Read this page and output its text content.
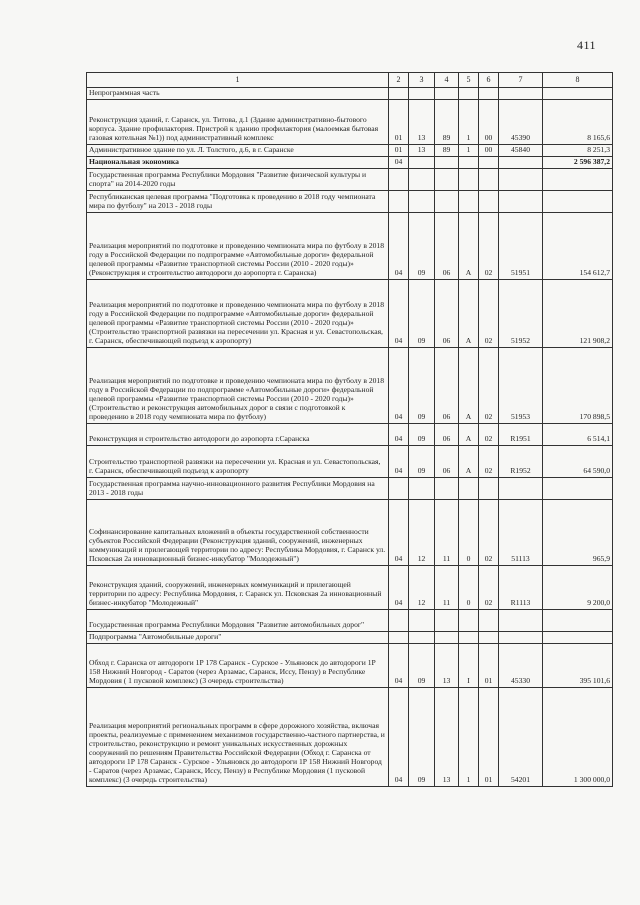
411
1	2	3	4	5	6	7	8
Непрограммная часть							
Реконструкция зданий, г. Саранск, ул. Титова, д.1 (Здание административно-бытового корпуса. Здание профилактория. Пристрой к зданию профилактория (малоемкая бытовая газовая котельная №1)) под административный комплекс	01	13	89	1	00	45390	8 165,6
Административное здание по ул. Л. Толстого, д.6, в г. Саранске	01	13	89	1	00	45840	8 251,3
Национальная экономика	04						2 596 387,2
Государственная программа Республики Мордовия "Развитие физической культуры и спорта" на 2014-2020 годы							
Республиканская целевая программа "Подготовка к проведению в 2018 году чемпионата мира по футболу" на 2013 - 2018 годы							
Реализация мероприятий по подготовке и проведению чемпионата мира по футболу в 2018 году в Российской Федерации по подпрограмме «Автомобильные дороги» федеральной целевой программы «Развитие транспортной системы России (2010 - 2020 годы)» (Реконструкция и строительство автодороги до аэропорта г. Саранска)	04	09	06	А	02	51951	154 612,7
Реализация мероприятий по подготовке и проведению чемпионата мира по футболу в 2018 году в Российской Федерации по подпрограмме «Автомобильные дороги» федеральной целевой программы «Развитие транспортной системы России (2010 - 2020 годы)» (Строительство транспортной развязки на пересечении ул. Красная и ул. Севастопольская, г. Саранск, обеспечивающей подъезд к аэропорту)	04	09	06	А	02	51952	121 908,2
Реализация мероприятий по подготовке и проведению чемпионата мира по футболу в 2018 году в Российской Федерации по подпрограмме «Автомобильные дороги» федеральной целевой программы «Развитие транспортной системы России (2010 - 2020 годы)» (Строительство и реконструкция автомобильных дорог в связи с подготовкой к проведению в 2018 году чемпионата мира по футболу)	04	09	06	А	02	51953	170 898,5
Реконструкция и строительство автодороги до аэропорта г.Саранска	04	09	06	А	02	R1951	6 514,1
Строительство транспортной развязки на пересечении ул. Красная и ул. Севастопольская, г. Саранск, обеспечивающей подъезд к аэропорту	04	09	06	А	02	R1952	64 590,0
Государственная программа научно-инновационного развития Республики Мордовия на 2013 - 2018 годы							
Софинансирование капитальных вложений в объекты государственной собственности субъектов Российской Федерации (Реконструкция зданий, сооружений, инженерных коммуникаций и прилегающей территории по адресу: Республика Мордовия, г. Саранск ул. Псковская 2а инновационный бизнес-инкубатор "Молодежный")	04	12	11	0	02	51113	965,9
Реконструкция зданий, сооружений, инженерных коммуникаций и прилегающей территории по адресу: Республика Мордовия, г. Саранск ул. Псковская 2а инновационный бизнес-инкубатор "Молодежный"	04	12	11	0	02	R1113	9 200,0
Государственная программа Республики Мордовия "Развитие автомобильных дорог"							
Подпрограмма "Автомобильные дороги"							
Обход г. Саранска от автодороги 1Р 178 Саранск - Сурское - Ульяновск до автодороги 1Р 158 Нижний Новгород - Саратов (через Арзамас, Саранск, Иссу, Пензу) в Республике Мордовия ( 1 пусковой комплекс) (3 очередь строительства)	04	09	13	I	01	45330	395 101,6
Реализация мероприятий региональных программ в сфере дорожного хозяйства, включая проекты, реализуемые с применением механизмов государственно-частного партнерства, и строительство, реконструкцию и ремонт уникальных искусственных дорожных сооружений по решениям Правительства Российской Федерации (Обход г. Саранска от автодороги 1Р 178 Саранск - Сурское - Ульяновск до автодороги 1Р 158 Нижний Новгород - Саратов (через Арзамас, Саранск, Иссу, Пензу) в Республике Мордовия (1 пусковой комплекс) (3 очередь строительства)	04	09	13	1	01	54201	1 300 000,0
